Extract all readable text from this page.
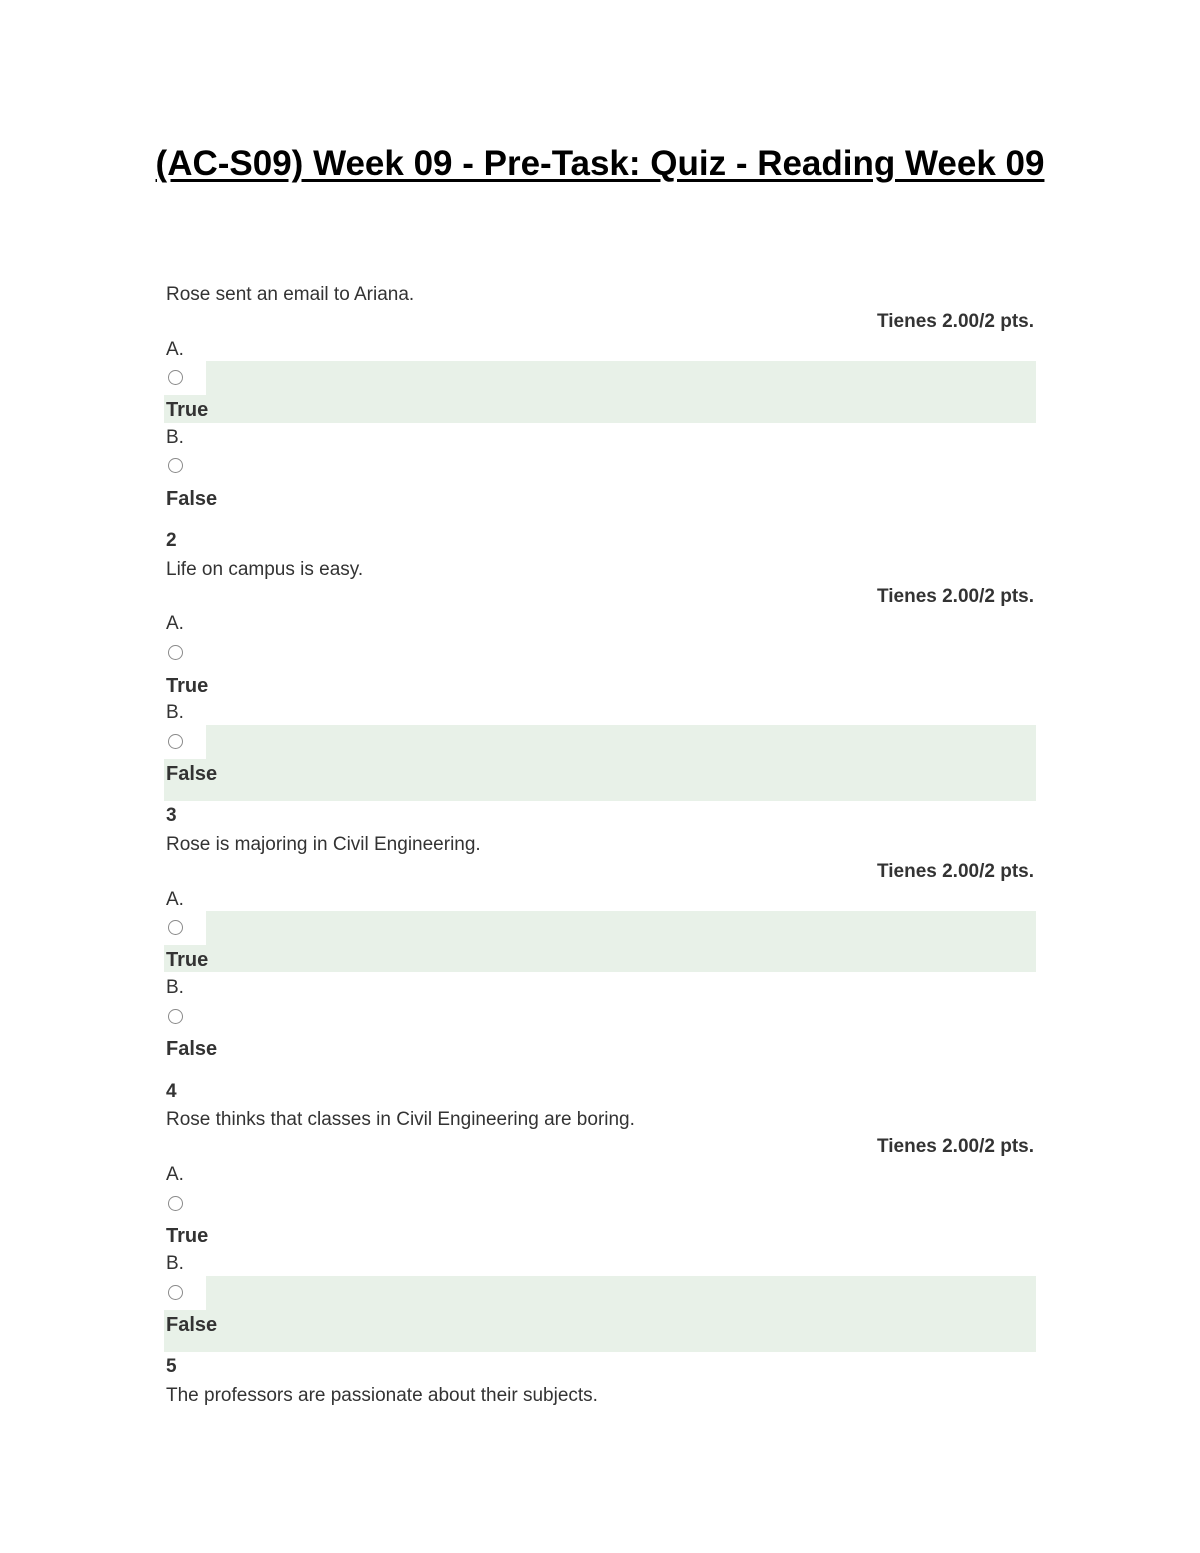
(AC-S09) Week 09 - Pre-Task: Quiz - Reading Week 09
Rose sent an email to Ariana.
Tienes 2.00/2 pts.
A.
True
B.
False
2
Life on campus is easy.
Tienes 2.00/2 pts.
A.
True
B.
False
3
Rose is majoring in Civil Engineering.
Tienes 2.00/2 pts.
A.
True
B.
False
4
Rose thinks that classes in Civil Engineering are boring.
Tienes 2.00/2 pts.
A.
True
B.
False
5
The professors are passionate about their subjects.
